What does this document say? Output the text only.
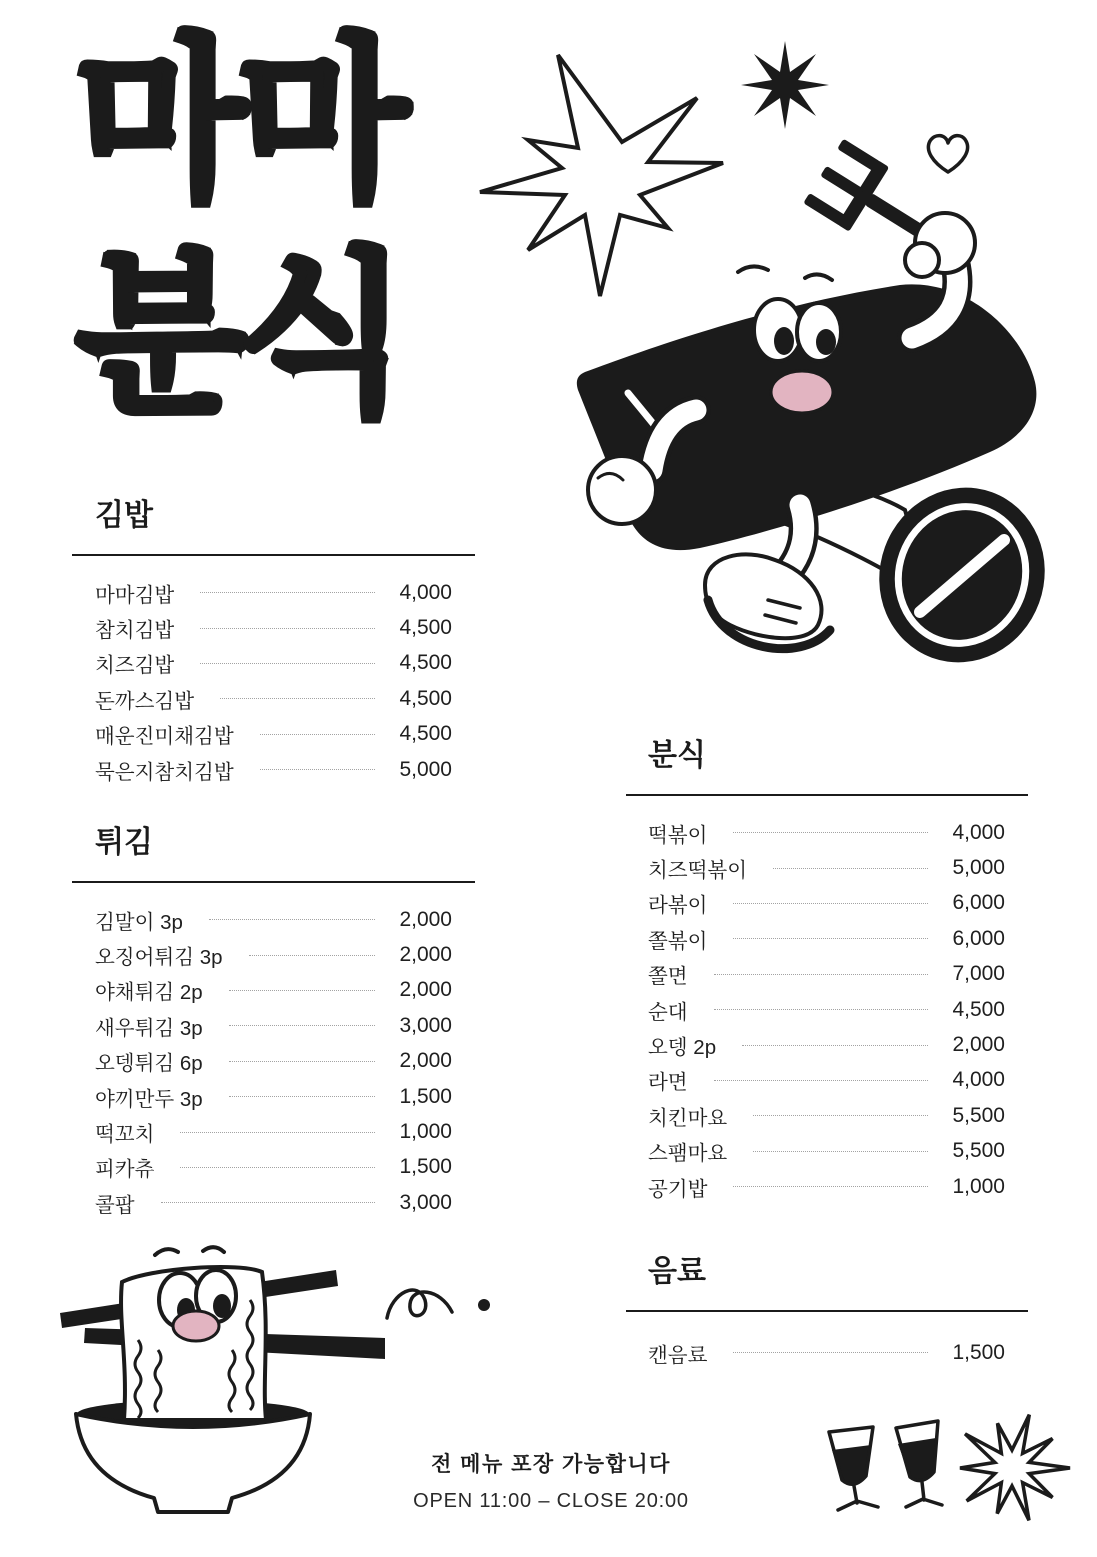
마마
분식
김밥
마마김밥	4,000
참치김밥	4,500
치즈김밥	4,500
돈까스김밥	4,500
매운진미채김밥	4,500
묵은지참치김밥	5,000
튀김
김말이 3p	2,000
오징어튀김 3p	2,000
야채튀김 2p	2,000
새우튀김 3p	3,000
오뎅튀김 6p	2,000
야끼만두 3p	1,500
떡꼬치	1,000
피카츄	1,500
콜팝	3,000
분식
떡볶이	4,000
치즈떡볶이	5,000
라볶이	6,000
쫄볶이	6,000
쫄면	7,000
순대	4,500
오뎅 2p	2,000
라면	4,000
치킨마요	5,500
스팸마요	5,500
공기밥	1,000
음료
캔음료	1,500
전 메뉴 포장 가능합니다
OPEN 11:00 – CLOSE 20:00
